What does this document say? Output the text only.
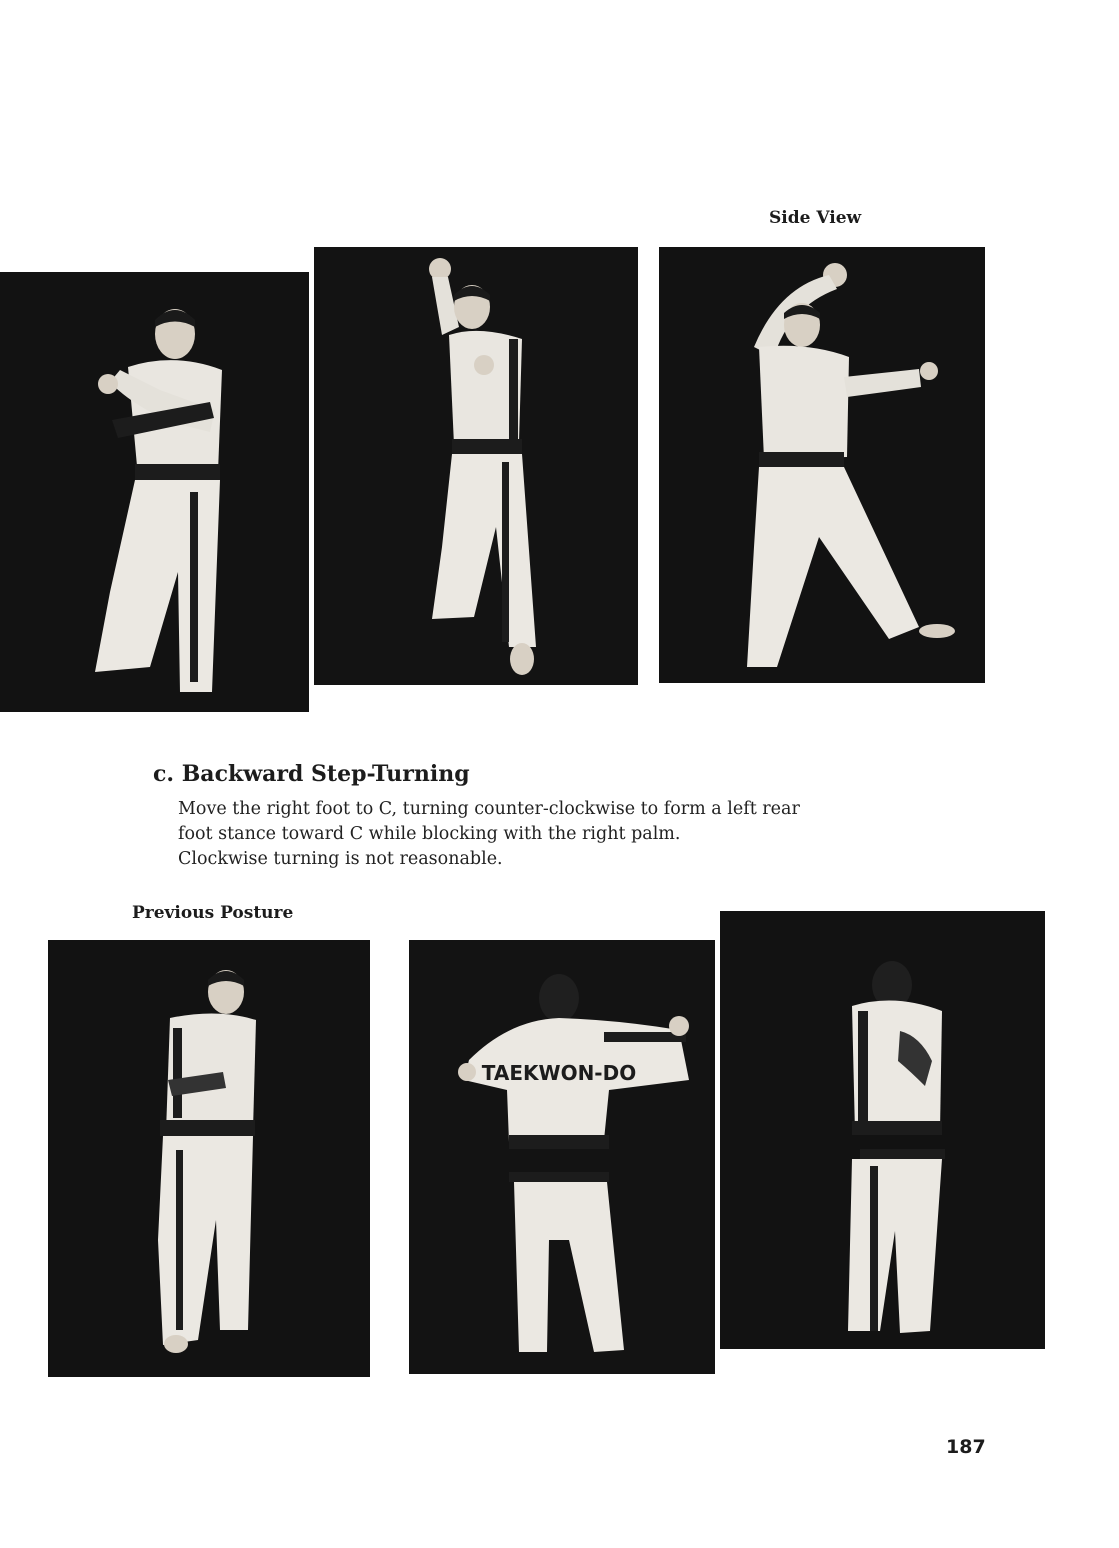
Side View
c. Backward Step-Turning

Move the right foot to C, turning counter-clockwise to form a left rear

foot stance toward C while blocking with the right palm.

Clockwise turning is not reasonable.

Previous Posture
TAEKWON-DO
187
